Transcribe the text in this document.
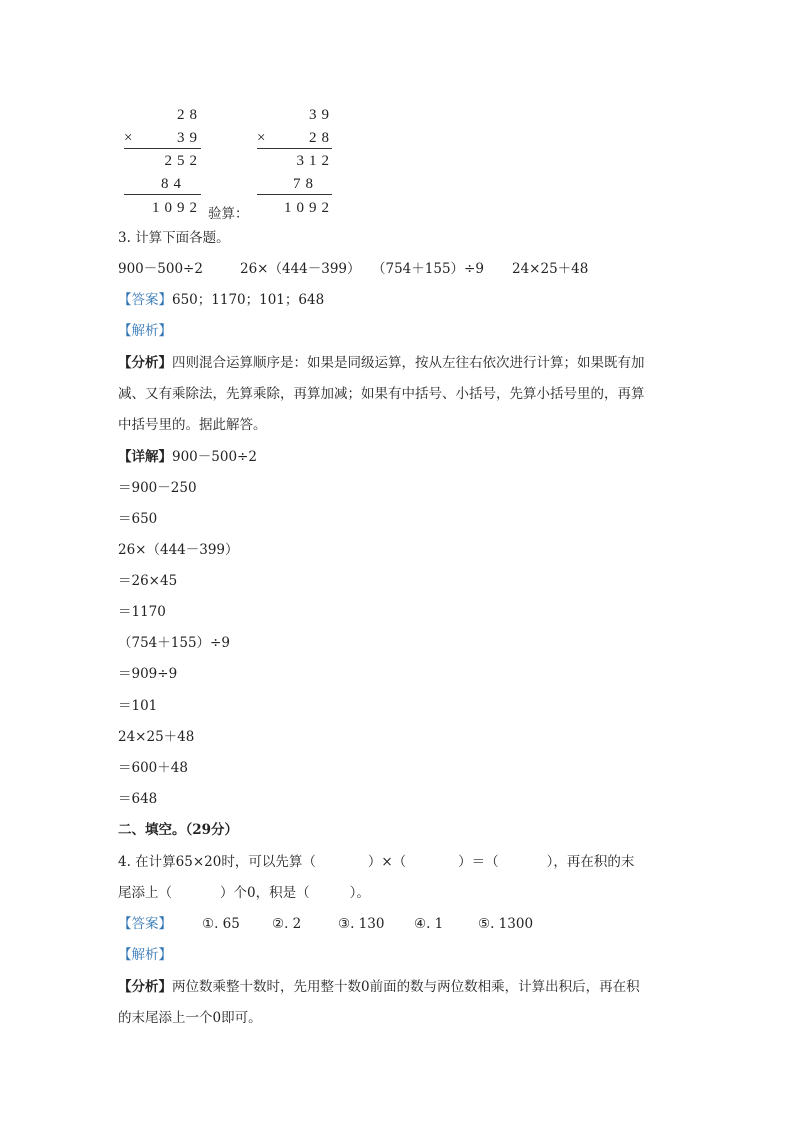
28
×	39
252
84
1092 验算：
39
×	28
312
78
1092
3. 计算下面各题。
900－500÷2	26×（444－399） （754＋155）÷9 24×25＋48
【答案】650；1170；101；648
【解析】
【分析】四则混合运算顺序是：如果是同级运算，按从左往右依次进行计算；如果既有加
减、又有乘除法，先算乘除，再算加减；如果有中括号、小括号，先算小括号里的，再算
中括号里的。据此解答。
【详解】900－500÷2
＝900－250
＝650
26×（444－399）
＝26×45
＝1170
（754＋155）÷9
＝909÷9
＝101
24×25＋48
＝600＋48
＝648
二、填空。（29分）
4. 在计算65×20时，可以先算（	）×（	）＝（	），再在积的末
尾添上（	）个0，积是（	）。
【答案】 ①. 65 ②. 2	③. 130 ④. 1	⑤. 1300
【解析】
【分析】两位数乘整十数时，先用整十数0前面的数与两位数相乘，计算出积后，再在积
的末尾添上一个0即可。
